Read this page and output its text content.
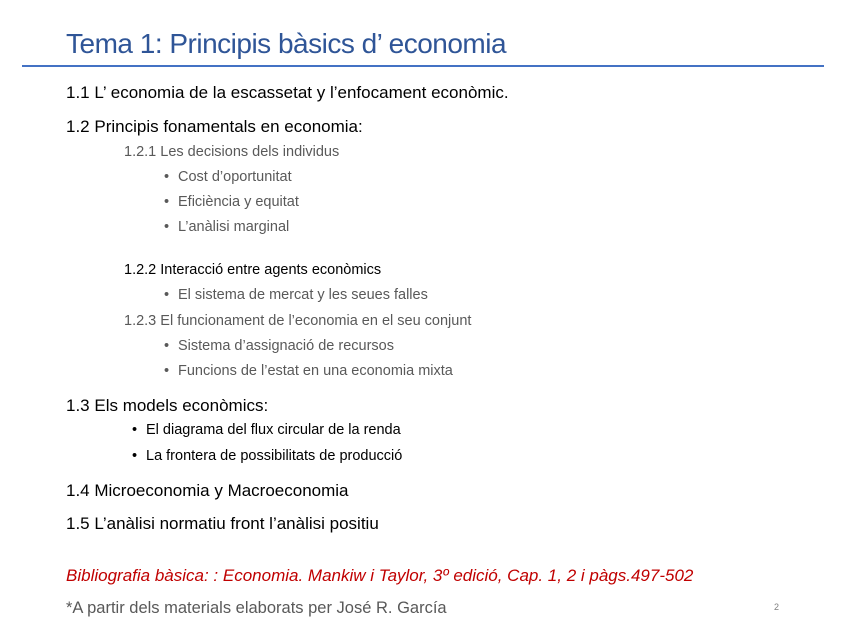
Tema 1: Principis bàsics d’ economia
1.1 L’ economia de la escassetat y l’enfocament econòmic.
1.2 Principis fonamentals en economia:
1.2.1 Les decisions dels individus
• Cost d’oportunitat
• Eficiència y equitat
• L’anàlisi marginal
1.2.2 Interacció entre agents econòmics
• El sistema de mercat y les seues falles
1.2.3 El funcionament de l’economia en el seu conjunt
• Sistema d’assignació de recursos
• Funcions de l’estat en una economia mixta
1.3 Els models econòmics:
• El diagrama del flux circular de la renda
• La frontera de possibilitats de producció
1.4 Microeconomia y Macroeconomia
1.5 L’anàlisi normatiu front l’anàlisi positiu
Bibliografia bàsica: : Economia. Mankiw i Taylor, 3º edició, Cap. 1, 2 i pàgs.497-502
*A partir dels materials elaborats per José R. García	2
